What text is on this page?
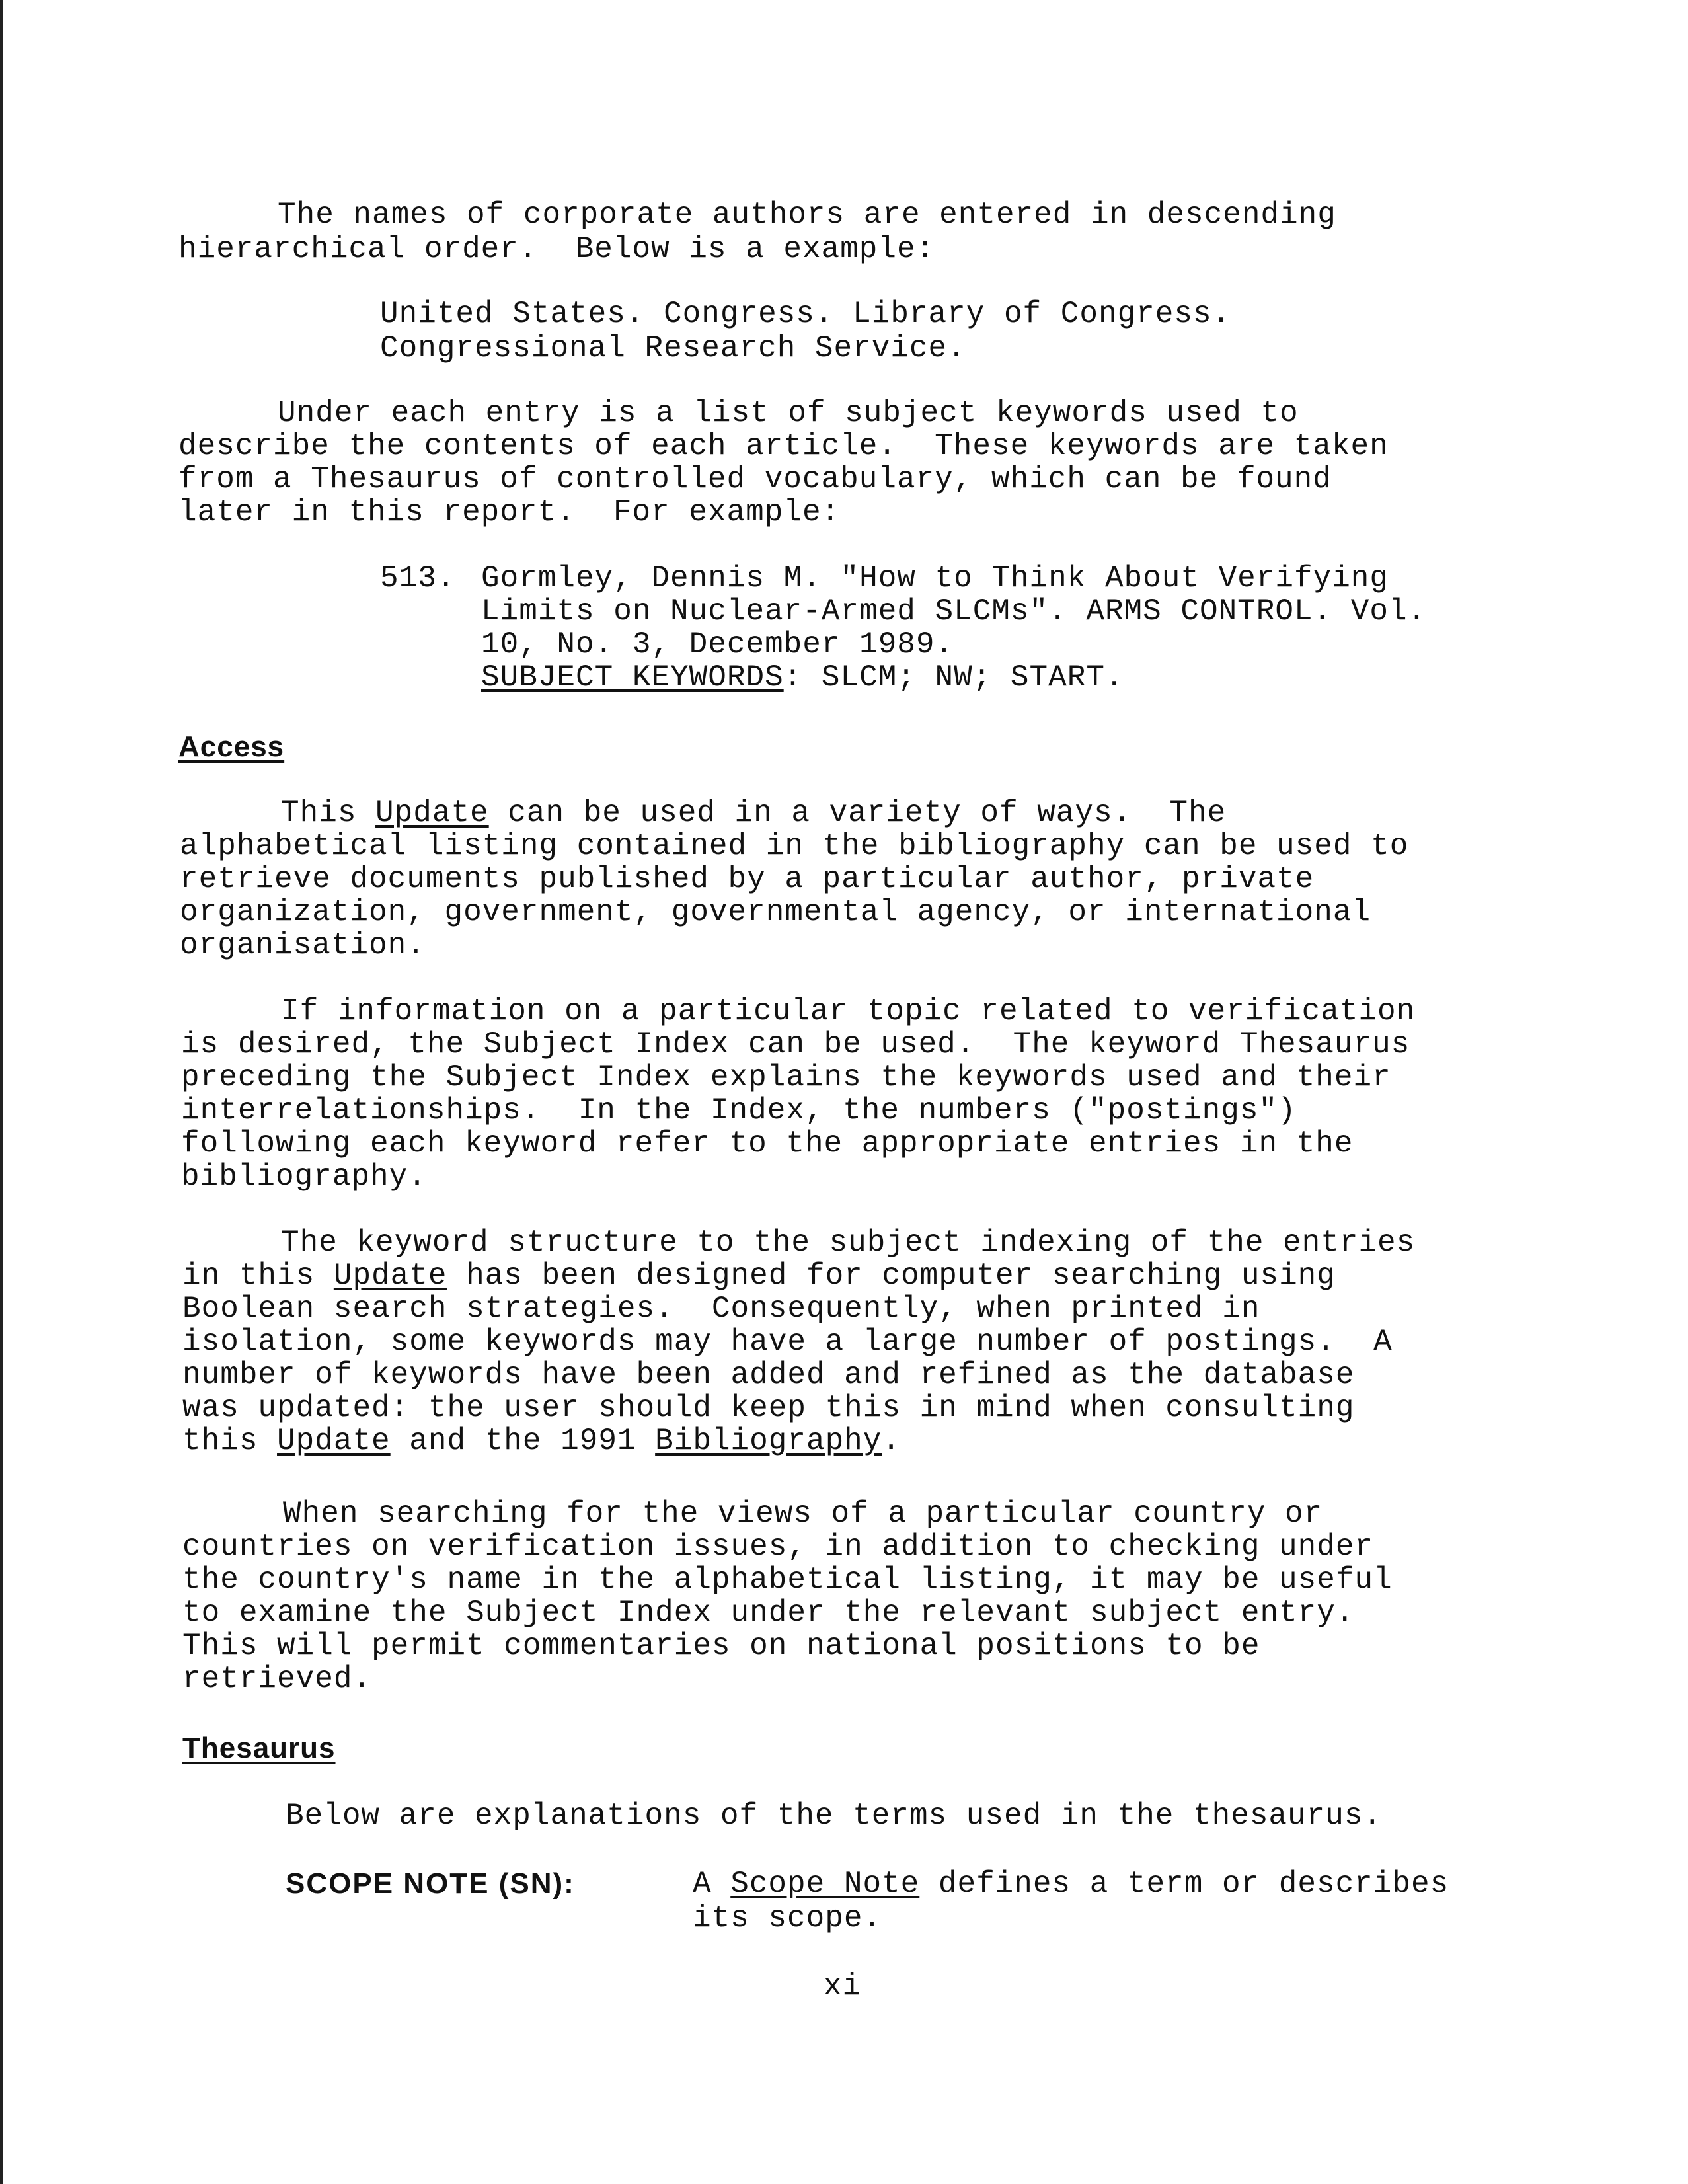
The names of corporate authors are entered in descending
hierarchical order.  Below is a example:
United States. Congress. Library of Congress.
Congressional Research Service.
Under each entry is a list of subject keywords used to
describe the contents of each article.  These keywords are taken
from a Thesaurus of controlled vocabulary, which can be found
later in this report.  For example:
513. Gormley, Dennis M. "How to Think About Verifying
Limits on Nuclear-Armed SLCMs". ARMS CONTROL. Vol.
10, No. 3, December 1989.
SUBJECT KEYWORDS: SLCM; NW; START.
Access
This Update can be used in a variety of ways.  The
alphabetical listing contained in the bibliography can be used to
retrieve documents published by a particular author, private
organization, government, governmental agency, or international
organisation.
If information on a particular topic related to verification
is desired, the Subject Index can be used.  The keyword Thesaurus
preceding the Subject Index explains the keywords used and their
interrelationships.  In the Index, the numbers ("postings")
following each keyword refer to the appropriate entries in the
bibliography.
The keyword structure to the subject indexing of the entries
in this Update has been designed for computer searching using
Boolean search strategies.  Consequently, when printed in
isolation, some keywords may have a large number of postings.  A
number of keywords have been added and refined as the database
was updated: the user should keep this in mind when consulting
this Update and the 1991 Bibliography.
When searching for the views of a particular country or
countries on verification issues, in addition to checking under
the country's name in the alphabetical listing, it may be useful
to examine the Subject Index under the relevant subject entry.
This will permit commentaries on national positions to be
retrieved.
Thesaurus
Below are explanations of the terms used in the thesaurus.
SCOPE NOTE (SN):	A Scope Note defines a term or describes
its scope.
xi
